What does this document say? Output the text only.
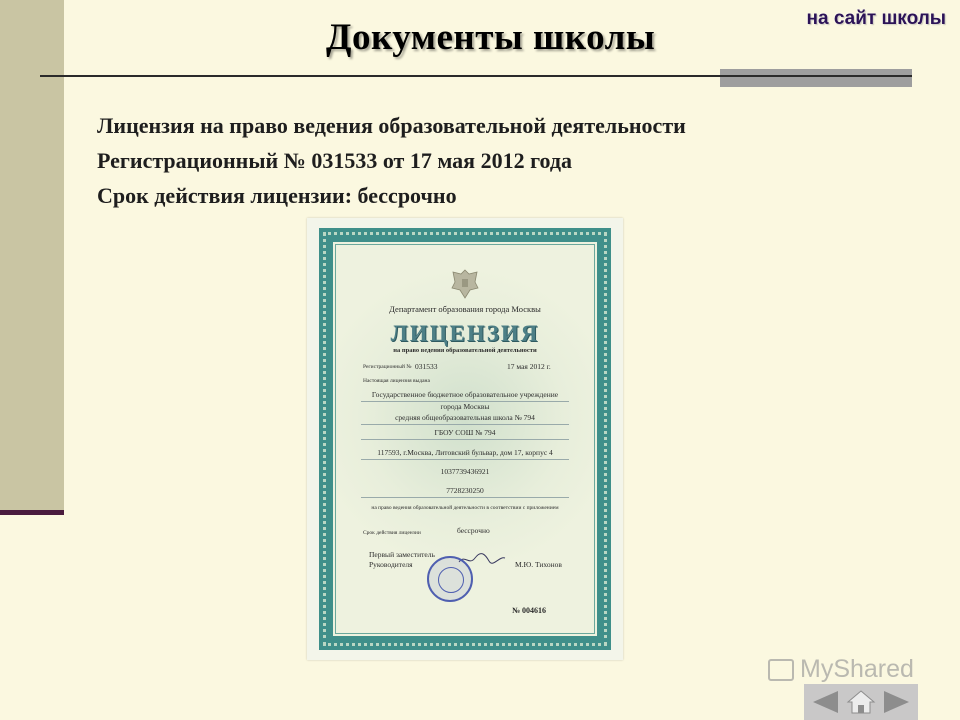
Документы школы	на сайт школы
Лицензия на право ведения образовательной деятельности
Регистрационный № 031533 от 17 мая 2012 года
Срок действия лицензии: бессрочно
Департамент образования города Москвы
ЛИЦЕНЗИЯ
на право ведения образовательной деятельности
Регистрационный № 031533	17 мая 2012 г.
Настоящая лицензия выдана
Государственное бюджетное образовательное учреждение
города Москвы
средняя общеобразовательная школа № 794
ГБОУ СОШ № 794
117593, г.Москва, Литовский бульвар, дом 17, корпус 4
1037739436921
7728230250
на право ведения образовательной деятельности в соответствии с приложением
Срок действия лицензии	бессрочно
Первый заместитель
Руководителя	М.Ю. Тихонов
№ 004616
MyShared
